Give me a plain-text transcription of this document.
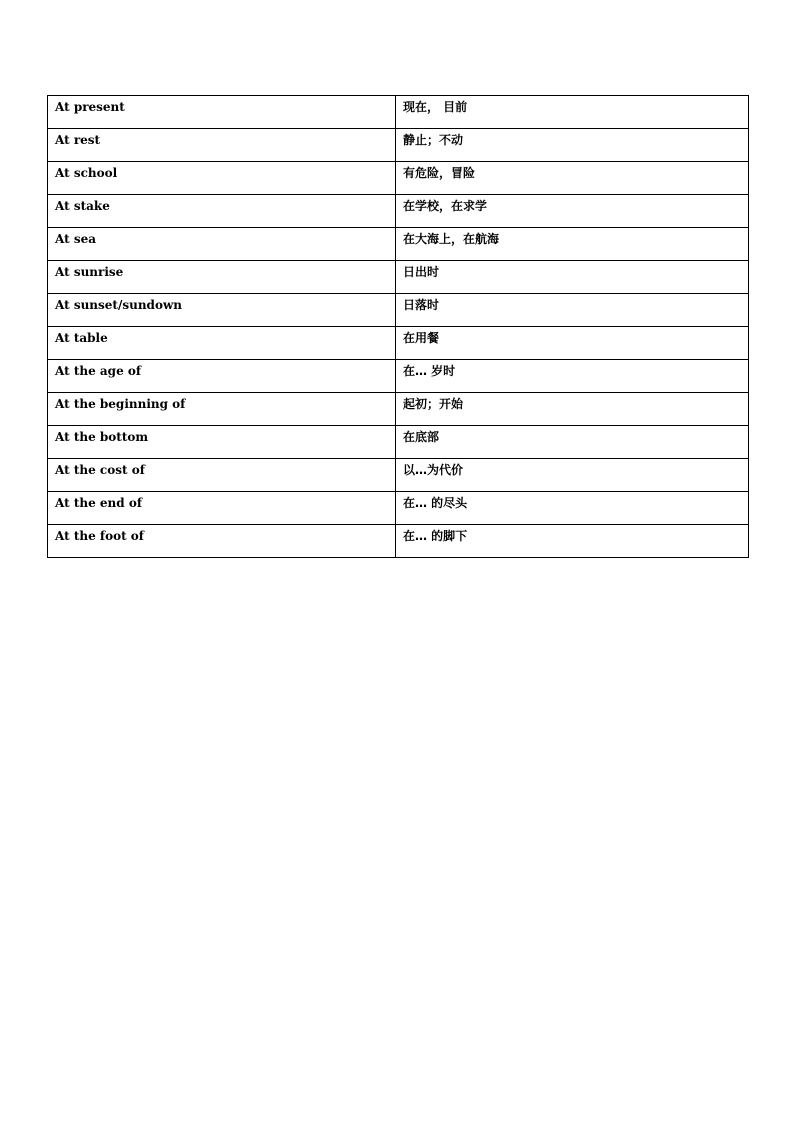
At present	现在， 目前
At rest	静止；不动
At school	有危险，冒险
At stake	在学校，在求学
At sea	在大海上，在航海
At sunrise	日出时
At sunset/sundown	日落时
At table	在用餐
At the age of	在… 岁时
At the beginning of	起初；开始
At the bottom	在底部
At the cost of	以…为代价
At the end of	在… 的尽头
At the foot of	在… 的脚下
